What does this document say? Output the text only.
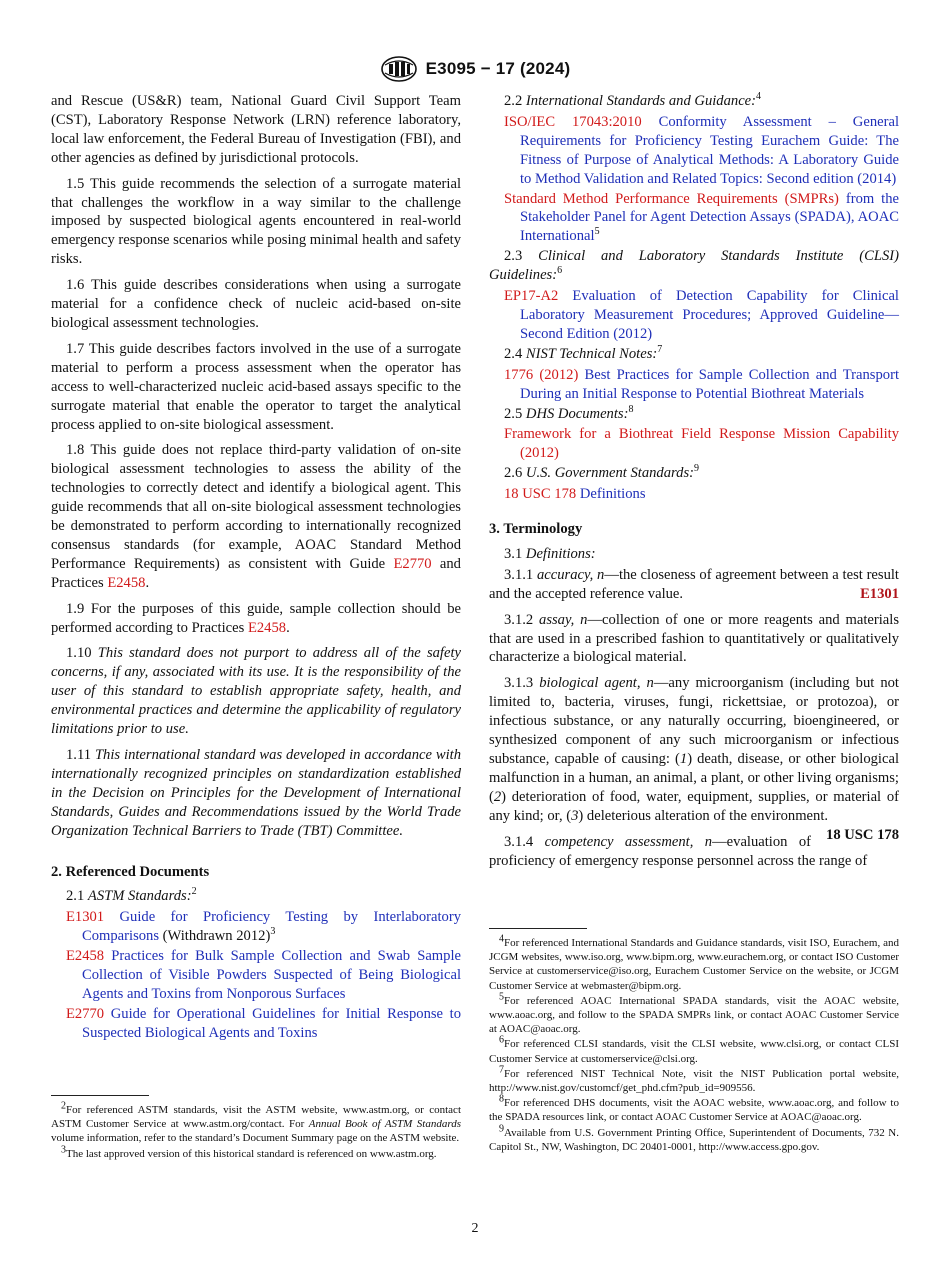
E3095 − 17 (2024)

and Rescue (US&R) team, National Guard Civil Support Team (CST), Laboratory Response Network (LRN) reference laboratory, local law enforcement, the Federal Bureau of Investigation (FBI), and other agencies as defined by jurisdictional protocols.

1.5 This guide recommends the selection of a surrogate material that challenges the workflow in a way similar to the challenge imposed by suspected biological agents encountered in real-world emergency response scenarios while posing minimal health and safety risks.

1.6 This guide describes considerations when using a surrogate material for a confidence check of nucleic acid-based on-site biological assessment technologies.

1.7 This guide describes factors involved in the use of a surrogate material to perform a process assessment when the operator has access to well-characterized nucleic acid-based assays specific to the surrogate material that enable the operator to target the analytical process applied to on-site biological assessment.

1.8 This guide does not replace third-party validation of on-site biological assessment technologies to assess the ability of the technologies to correctly detect and identify a biological agent. This guide recommends that all on-site biological assessment technologies be demonstrated to perform according to internationally recognized consensus standards (for example, AOAC Standard Method Performance Requirements) as consistent with Guide E2770 and Practices E2458.

1.9 For the purposes of this guide, sample collection should be performed according to Practices E2458.

1.10 This standard does not purport to address all of the safety concerns, if any, associated with its use. It is the responsibility of the user of this standard to establish appropriate safety, health, and environmental practices and determine the applicability of regulatory limitations prior to use.

1.11 This international standard was developed in accordance with internationally recognized principles on standardization established in the Decision on Principles for the Development of International Standards, Guides and Recommendations issued by the World Trade Organization Technical Barriers to Trade (TBT) Committee.

2. Referenced Documents

2.1 ASTM Standards:$^2$

E1301 Guide for Proficiency Testing by Interlaboratory Comparisons (Withdrawn 2012)$^3$

E2458 Practices for Bulk Sample Collection and Swab Sample Collection of Visible Powders Suspected of Being Biological Agents and Toxins from Nonporous Surfaces

E2770 Guide for Operational Guidelines for Initial Response to Suspected Biological Agents and Toxins

2.2 International Standards and Guidance:$^4$

ISO/IEC 17043:2010 Conformity Assessment – General Requirements for Proficiency Testing Eurachem Guide: The Fitness of Purpose of Analytical Methods: A Laboratory Guide to Method Validation and Related Topics: Second edition (2014)

Standard Method Performance Requirements (SMPRs) from the Stakeholder Panel for Agent Detection Assays (SPADA), AOAC International$^5$

2.3 Clinical and Laboratory Standards Institute (CLSI) Guidelines:$^6$

EP17-A2 Evaluation of Detection Capability for Clinical Laboratory Measurement Procedures; Approved Guideline—Second Edition (2012)

2.4 NIST Technical Notes:$^7$

1776 (2012) Best Practices for Sample Collection and Transport During an Initial Response to Potential Biothreat Materials

2.5 DHS Documents:$^8$

Framework for a Biothreat Field Response Mission Capability (2012)

2.6 U.S. Government Standards:$^9$

18 USC 178 Definitions

3. Terminology

3.1 Definitions:

3.1.1 accuracy, n—the closeness of agreement between a test result and the accepted reference value.	E1301

3.1.2 assay, n—collection of one or more reagents and materials that are used in a prescribed fashion to quantitatively or qualitatively characterize a biological material.

3.1.3 biological agent, n—any microorganism (including but not limited to, bacteria, viruses, fungi, rickettsiae, or protozoa), or infectious substance, or any naturally occurring, bioengineered, or synthesized component of any such microorganism or infectious substance, capable of causing: (1) death, disease, or other biological malfunction in a human, an animal, a plant, or other living organisms; (2) deterioration of food, water, equipment, supplies, or material of any kind; or, (3) deleterious alteration of the environment.
18 USC 178

3.1.4 competency assessment, n—evaluation of proficiency of emergency response personnel across the range of

$^2$For referenced ASTM standards, visit the ASTM website, www.astm.org, or contact ASTM Customer Service at www.astm.org/contact. For Annual Book of ASTM Standards volume information, refer to the standard’s Document Summary page on the ASTM website.

$^3$The last approved version of this historical standard is referenced on www.astm.org.

$^4$For referenced International Standards and Guidance standards, visit ISO, Eurachem, and JCGM websites, www.iso.org, www.bipm.org, www.eurachem.org, or contact ISO Customer Service at customerservice@iso.org, Eurachem Customer Service on the website, or JCGM Customer Service at webmaster@bipm.org.

$^5$For referenced AOAC International SPADA standards, visit the AOAC website, www.aoac.org, and follow to the SPADA SMPRs link, or contact AOAC Customer Service at AOAC@aoac.org.

$^6$For referenced CLSI standards, visit the CLSI website, www.clsi.org, or contact CLSI Customer Service at customerservice@clsi.org.

$^7$For referenced NIST Technical Note, visit the NIST Publication portal website, http://www.nist.gov/customcf/get_phd.cfm?pub_id=909556.

$^8$For referenced DHS documents, visit the AOAC website, www.aoac.org, and follow to the SPADA resources link, or contact AOAC Customer Service at AOAC@aoac.org.

$^9$Available from U.S. Government Printing Office, Superintendent of Documents, 732 N. Capitol St., NW, Washington, DC 20401-0001, http://www.access.gpo.gov.

2
